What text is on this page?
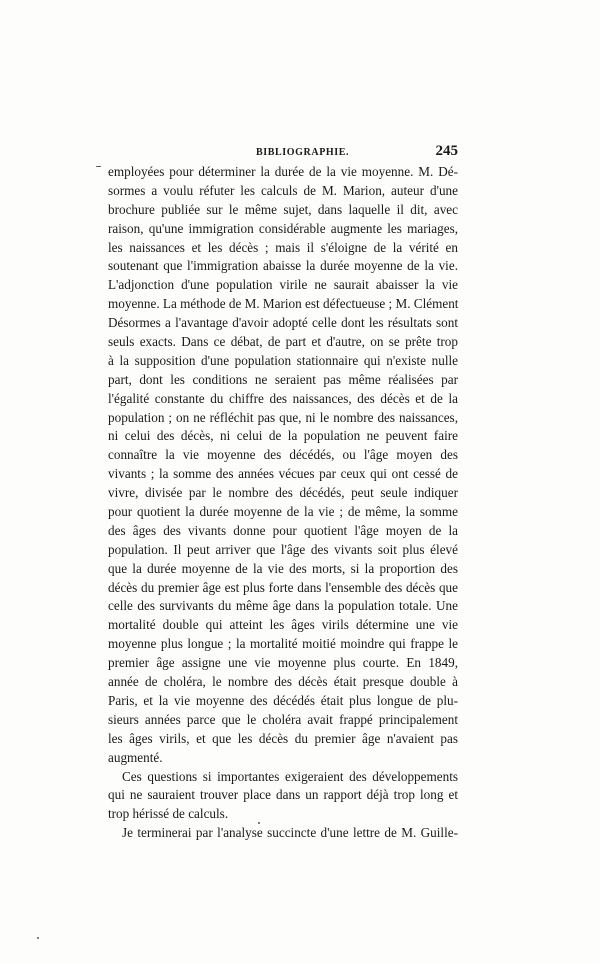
BIBLIOGRAPHIE.	245
employées pour déterminer la durée de la vie moyenne. M. Dé-
sormes a voulu réfuter les calculs de M. Marion, auteur d'une
brochure publiée sur le même sujet, dans laquelle il dit, avec
raison, qu'une immigration considérable augmente les mariages,
les naissances et les décès ; mais il s'éloigne de la vérité en
soutenant que l'immigration abaisse la durée moyenne de la vie.
L'adjonction d'une population virile ne saurait abaisser la vie
moyenne. La méthode de M. Marion est défectueuse ; M. Clément
Désormes a l'avantage d'avoir adopté celle dont les résultats sont
seuls exacts. Dans ce débat, de part et d'autre, on se prête trop
à la supposition d'une population stationnaire qui n'existe nulle
part, dont les conditions ne seraient pas même réalisées par
l'égalité constante du chiffre des naissances, des décès et de la
population ; on ne réfléchit pas que, ni le nombre des naissances,
ni celui des décès, ni celui de la population ne peuvent faire
connaître la vie moyenne des décédés, ou l'âge moyen des
vivants ; la somme des années vécues par ceux qui ont cessé de
vivre, divisée par le nombre des décédés, peut seule indiquer
pour quotient la durée moyenne de la vie ; de même, la somme
des âges des vivants donne pour quotient l'âge moyen de la
population. Il peut arriver que l'âge des vivants soit plus élevé
que la durée moyenne de la vie des morts, si la proportion des
décès du premier âge est plus forte dans l'ensemble des décès que
celle des survivants du même âge dans la population totale. Une
mortalité double qui atteint les âges virils détermine une vie
moyenne plus longue ; la mortalité moitié moindre qui frappe le
premier âge assigne une vie moyenne plus courte. En 1849,
année de choléra, le nombre des décès était presque double à
Paris, et la vie moyenne des décédés était plus longue de plu-
sieurs années parce que le choléra avait frappé principalement
les âges virils, et que les décès du premier âge n'avaient pas
augmenté.
Ces questions si importantes exigeraient des développements
qui ne sauraient trouver place dans un rapport déjà trop long et
trop hérissé de calculs.
Je terminerai par l'analyse succincte d'une lettre de M. Guille-
